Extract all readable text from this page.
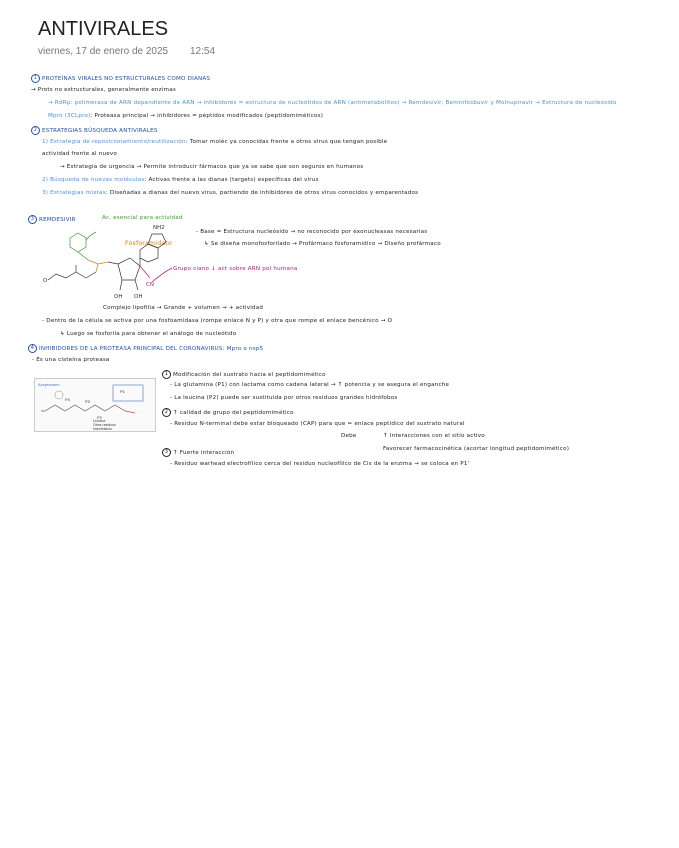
ANTIVIRALES
viernes, 17 de enero de 2025 12:54
1 PROTEÍNAS VIRALES NO ESTRUCTURALES COMO DIANAS
→ Prots no estructurales, generalmente enzimas
→ RdRp: polimerasa de ARN dependiente de ARN → inhibidores = estructura de nucleótidos de ARN (antimetabolitos) → Remdesivir, Bemnifosbuvir y Molnupiravir → Estructura de nucleósido
Mpro (3CLpro): Proteasa principal → inhibidores = péptidos modificados (peptidomiméticos)
2 ESTRATEGIAS BÚSQUEDA ANTIVIRALES
1) Estrategia de reposicionamiento/reutilización: Tomar moléc ya conocidas frente a otros virus que tengan posible
actividad frente al nuevo
→ Estrategia de urgencia → Permite introducir fármacos que ya se sabe que son seguros en humanos
2) Búsqueda de nuevas moléculas: Activas frente a las dianas (targets) específicas del virus
3) Estrategias mixtas: Diseñadas a dianas del nuevo virus, partiendo de inhibidores de otros virus conocidos y emparentados
3 REMDESIVIR	Ac. esencial para actividad
Fosforamidato
Grupo ciano ↓ act sobre ARN pol humana
- Base = Estructura nucleósido → no reconocido por exonucleasas necesarias
↳ Se diseña monofosforilado → Profármaco fosforamidico → Diseño profármaco
Complejo lipofilia → Grande + volumen → + actividad
- Dentro de la célula se activa por una fosfoamidasa (rompe enlace N y P) y otra que rompe el enlace bencénico → O
↳ Luego se fosforila para obtener el análogo de nucleótido
NH2
OH OH
CN
O
4 INHIBIDORES DE LA PROTEASA PRINCIPAL DEL CORONAVIRUS: Mpro o nsp5
- Es una cisteína proteasa
Aceptomero
P1
P2
P3
P4
Leucina
Otros residuos
hidrofóbicos
1 Modificación del sustrato hacia el peptidomimético
- La glutamina (P1) con lactama como cadena lateral → ↑ potencia y se asegura el enganche
- La leucina (P2) puede ser sustituida por otros residuos grandes hidrófobos
2 ↑ calidad de grupo del peptidomimético
- Residuo N-terminal debe estar bloqueado (CAP) para que ≃ enlace peptídico del sustrato natural
Debe	↑ Interacciones con el sitio activo
Favorecer farmacocinética (acortar longitud peptidomimético)
3 ↑ Fuerte interacción
- Residuo warhead electrofílico cerca del residuo nucleofílico de Cis de la enzima → se coloca en P1'
